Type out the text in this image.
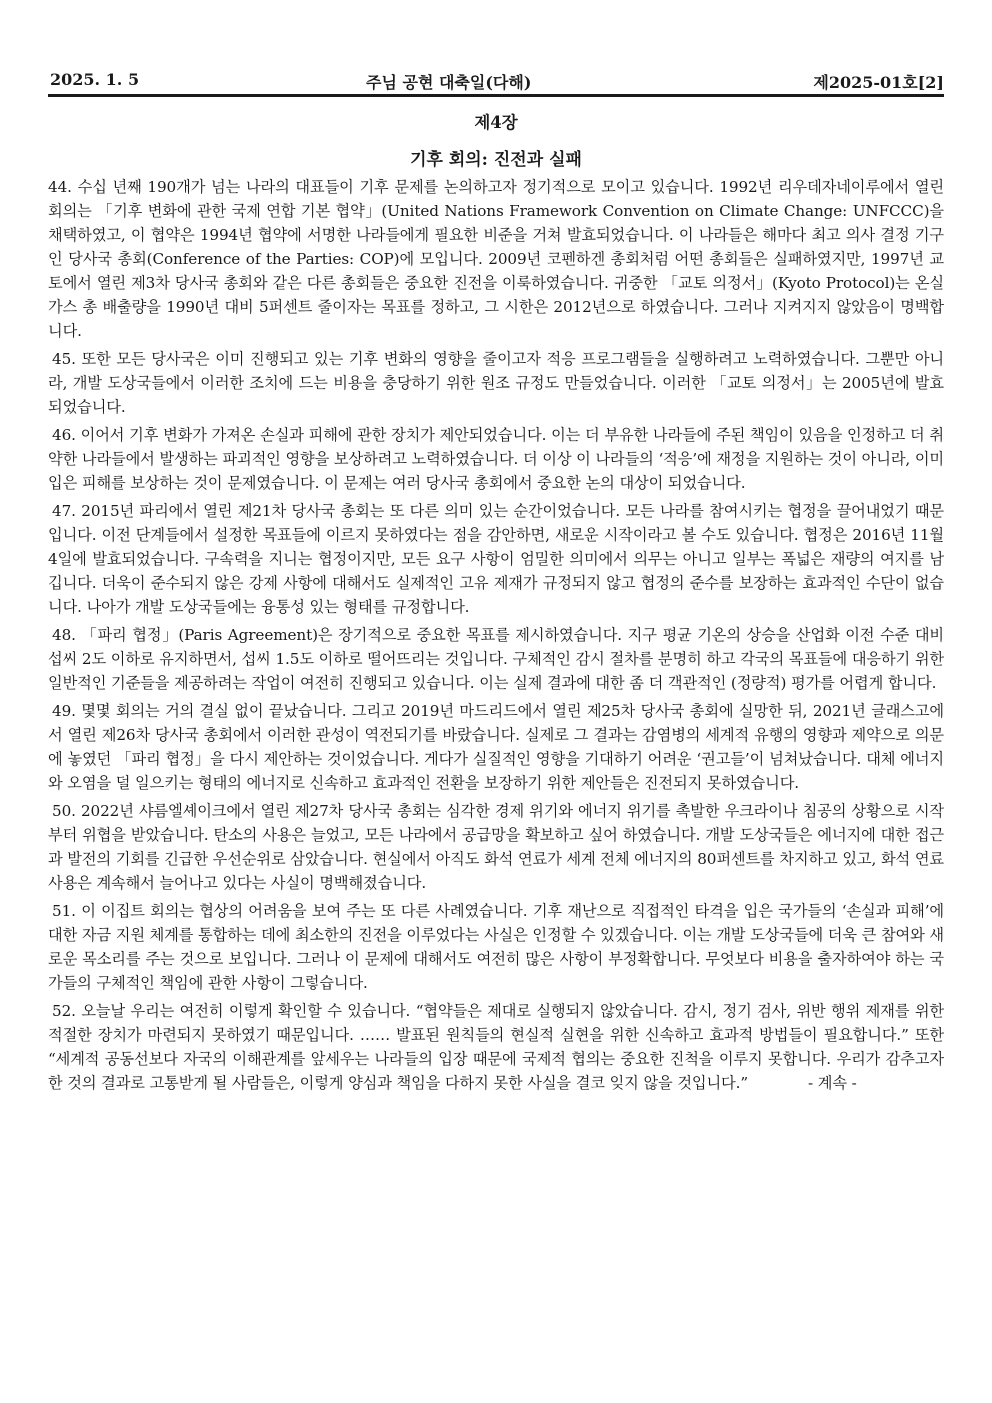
2025. 1. 5	주님 공현 대축일(다해)	제2025-01호[2]
제4장
기후 회의: 진전과 실패

44. 수십 년째 190개가 넘는 나라의 대표들이 기후 문제를 논의하고자 정기적으로 모이고 있습니다. 1992년 리우데자네이루에서 열린 회의는 「기후 변화에 관한 국제 연합 기본 협약」(United Nations Framework Convention on Climate Change: UNFCCC)을 채택하였고, 이 협약은 1994년 협약에 서명한 나라들에게 필요한 비준을 거쳐 발효되었습니다. 이 나라들은 해마다 최고 의사 결정 기구인 당사국 총회(Conference of the Parties: COP)에 모입니다. 2009년 코펜하겐 총회처럼 어떤 총회들은 실패하였지만, 1997년 교토에서 열린 제3차 당사국 총회와 같은 다른 총회들은 중요한 진전을 이룩하였습니다. 귀중한 「교토 의정서」(Kyoto Protocol)는 온실가스 총 배출량을 1990년 대비 5퍼센트 줄이자는 목표를 정하고, 그 시한은 2012년으로 하였습니다. 그러나 지켜지지 않았음이 명백합니다.

45. 또한 모든 당사국은 이미 진행되고 있는 기후 변화의 영향을 줄이고자 적응 프로그램들을 실행하려고 노력하였습니다. 그뿐만 아니라, 개발 도상국들에서 이러한 조치에 드는 비용을 충당하기 위한 원조 규정도 만들었습니다. 이러한 「교토 의정서」는 2005년에 발효되었습니다.

46. 이어서 기후 변화가 가져온 손실과 피해에 관한 장치가 제안되었습니다. 이는 더 부유한 나라들에 주된 책임이 있음을 인정하고 더 취약한 나라들에서 발생하는 파괴적인 영향을 보상하려고 노력하였습니다. 더 이상 이 나라들의 ‘적응’에 재정을 지원하는 것이 아니라, 이미 입은 피해를 보상하는 것이 문제였습니다. 이 문제는 여러 당사국 총회에서 중요한 논의 대상이 되었습니다.

47. 2015년 파리에서 열린 제21차 당사국 총회는 또 다른 의미 있는 순간이었습니다. 모든 나라를 참여시키는 협정을 끌어내었기 때문입니다. 이전 단계들에서 설정한 목표들에 이르지 못하였다는 점을 감안하면, 새로운 시작이라고 볼 수도 있습니다. 협정은 2016년 11월 4일에 발효되었습니다. 구속력을 지니는 협정이지만, 모든 요구 사항이 엄밀한 의미에서 의무는 아니고 일부는 폭넓은 재량의 여지를 남깁니다. 더욱이 준수되지 않은 강제 사항에 대해서도 실제적인 고유 제재가 규정되지 않고 협정의 준수를 보장하는 효과적인 수단이 없습니다. 나아가 개발 도상국들에는 융통성 있는 형태를 규정합니다.

48. 「파리 협정」(Paris Agreement)은 장기적으로 중요한 목표를 제시하였습니다. 지구 평균 기온의 상승을 산업화 이전 수준 대비 섭씨 2도 이하로 유지하면서, 섭씨 1.5도 이하로 떨어뜨리는 것입니다. 구체적인 감시 절차를 분명히 하고 각국의 목표들에 대응하기 위한 일반적인 기준들을 제공하려는 작업이 여전히 진행되고 있습니다. 이는 실제 결과에 대한 좀 더 객관적인 (정량적) 평가를 어렵게 합니다.

49. 몇몇 회의는 거의 결실 없이 끝났습니다. 그리고 2019년 마드리드에서 열린 제25차 당사국 총회에 실망한 뒤, 2021년 글래스고에서 열린 제26차 당사국 총회에서 이러한 관성이 역전되기를 바랐습니다. 실제로 그 결과는 감염병의 세계적 유행의 영향과 제약으로 의문에 놓였던 「파리 협정」을 다시 제안하는 것이었습니다. 게다가 실질적인 영향을 기대하기 어려운 ‘권고들’이 넘쳐났습니다. 대체 에너지와 오염을 덜 일으키는 형태의 에너지로 신속하고 효과적인 전환을 보장하기 위한 제안들은 진전되지 못하였습니다.

50. 2022년 샤름엘셰이크에서 열린 제27차 당사국 총회는 심각한 경제 위기와 에너지 위기를 촉발한 우크라이나 침공의 상황으로 시작부터 위협을 받았습니다. 탄소의 사용은 늘었고, 모든 나라에서 공급망을 확보하고 싶어 하였습니다. 개발 도상국들은 에너지에 대한 접근과 발전의 기회를 긴급한 우선순위로 삼았습니다. 현실에서 아직도 화석 연료가 세계 전체 에너지의 80퍼센트를 차지하고 있고, 화석 연료 사용은 계속해서 늘어나고 있다는 사실이 명백해졌습니다.

51. 이 이집트 회의는 협상의 어려움을 보여 주는 또 다른 사례였습니다. 기후 재난으로 직접적인 타격을 입은 국가들의 ‘손실과 피해’에 대한 자금 지원 체계를 통합하는 데에 최소한의 진전을 이루었다는 사실은 인정할 수 있겠습니다. 이는 개발 도상국들에 더욱 큰 참여와 새로운 목소리를 주는 것으로 보입니다. 그러나 이 문제에 대해서도 여전히 많은 사항이 부정확합니다. 무엇보다 비용을 출자하여야 하는 국가들의 구체적인 책임에 관한 사항이 그렇습니다.

52. 오늘날 우리는 여전히 이렇게 확인할 수 있습니다. “협약들은 제대로 실행되지 않았습니다. 감시, 정기 검사, 위반 행위 제재를 위한 적절한 장치가 마련되지 못하였기 때문입니다. …… 발표된 원칙들의 현실적 실현을 위한 신속하고 효과적 방법들이 필요합니다.” 또한 “세계적 공동선보다 자국의 이해관계를 앞세우는 나라들의 입장 때문에 국제적 협의는 중요한 진척을 이루지 못합니다. 우리가 감추고자 한 것의 결과로 고통받게 될 사람들은, 이렇게 양심과 책임을 다하지 못한 사실을 결코 잊지 않을 것입니다.”	- 계속 -
